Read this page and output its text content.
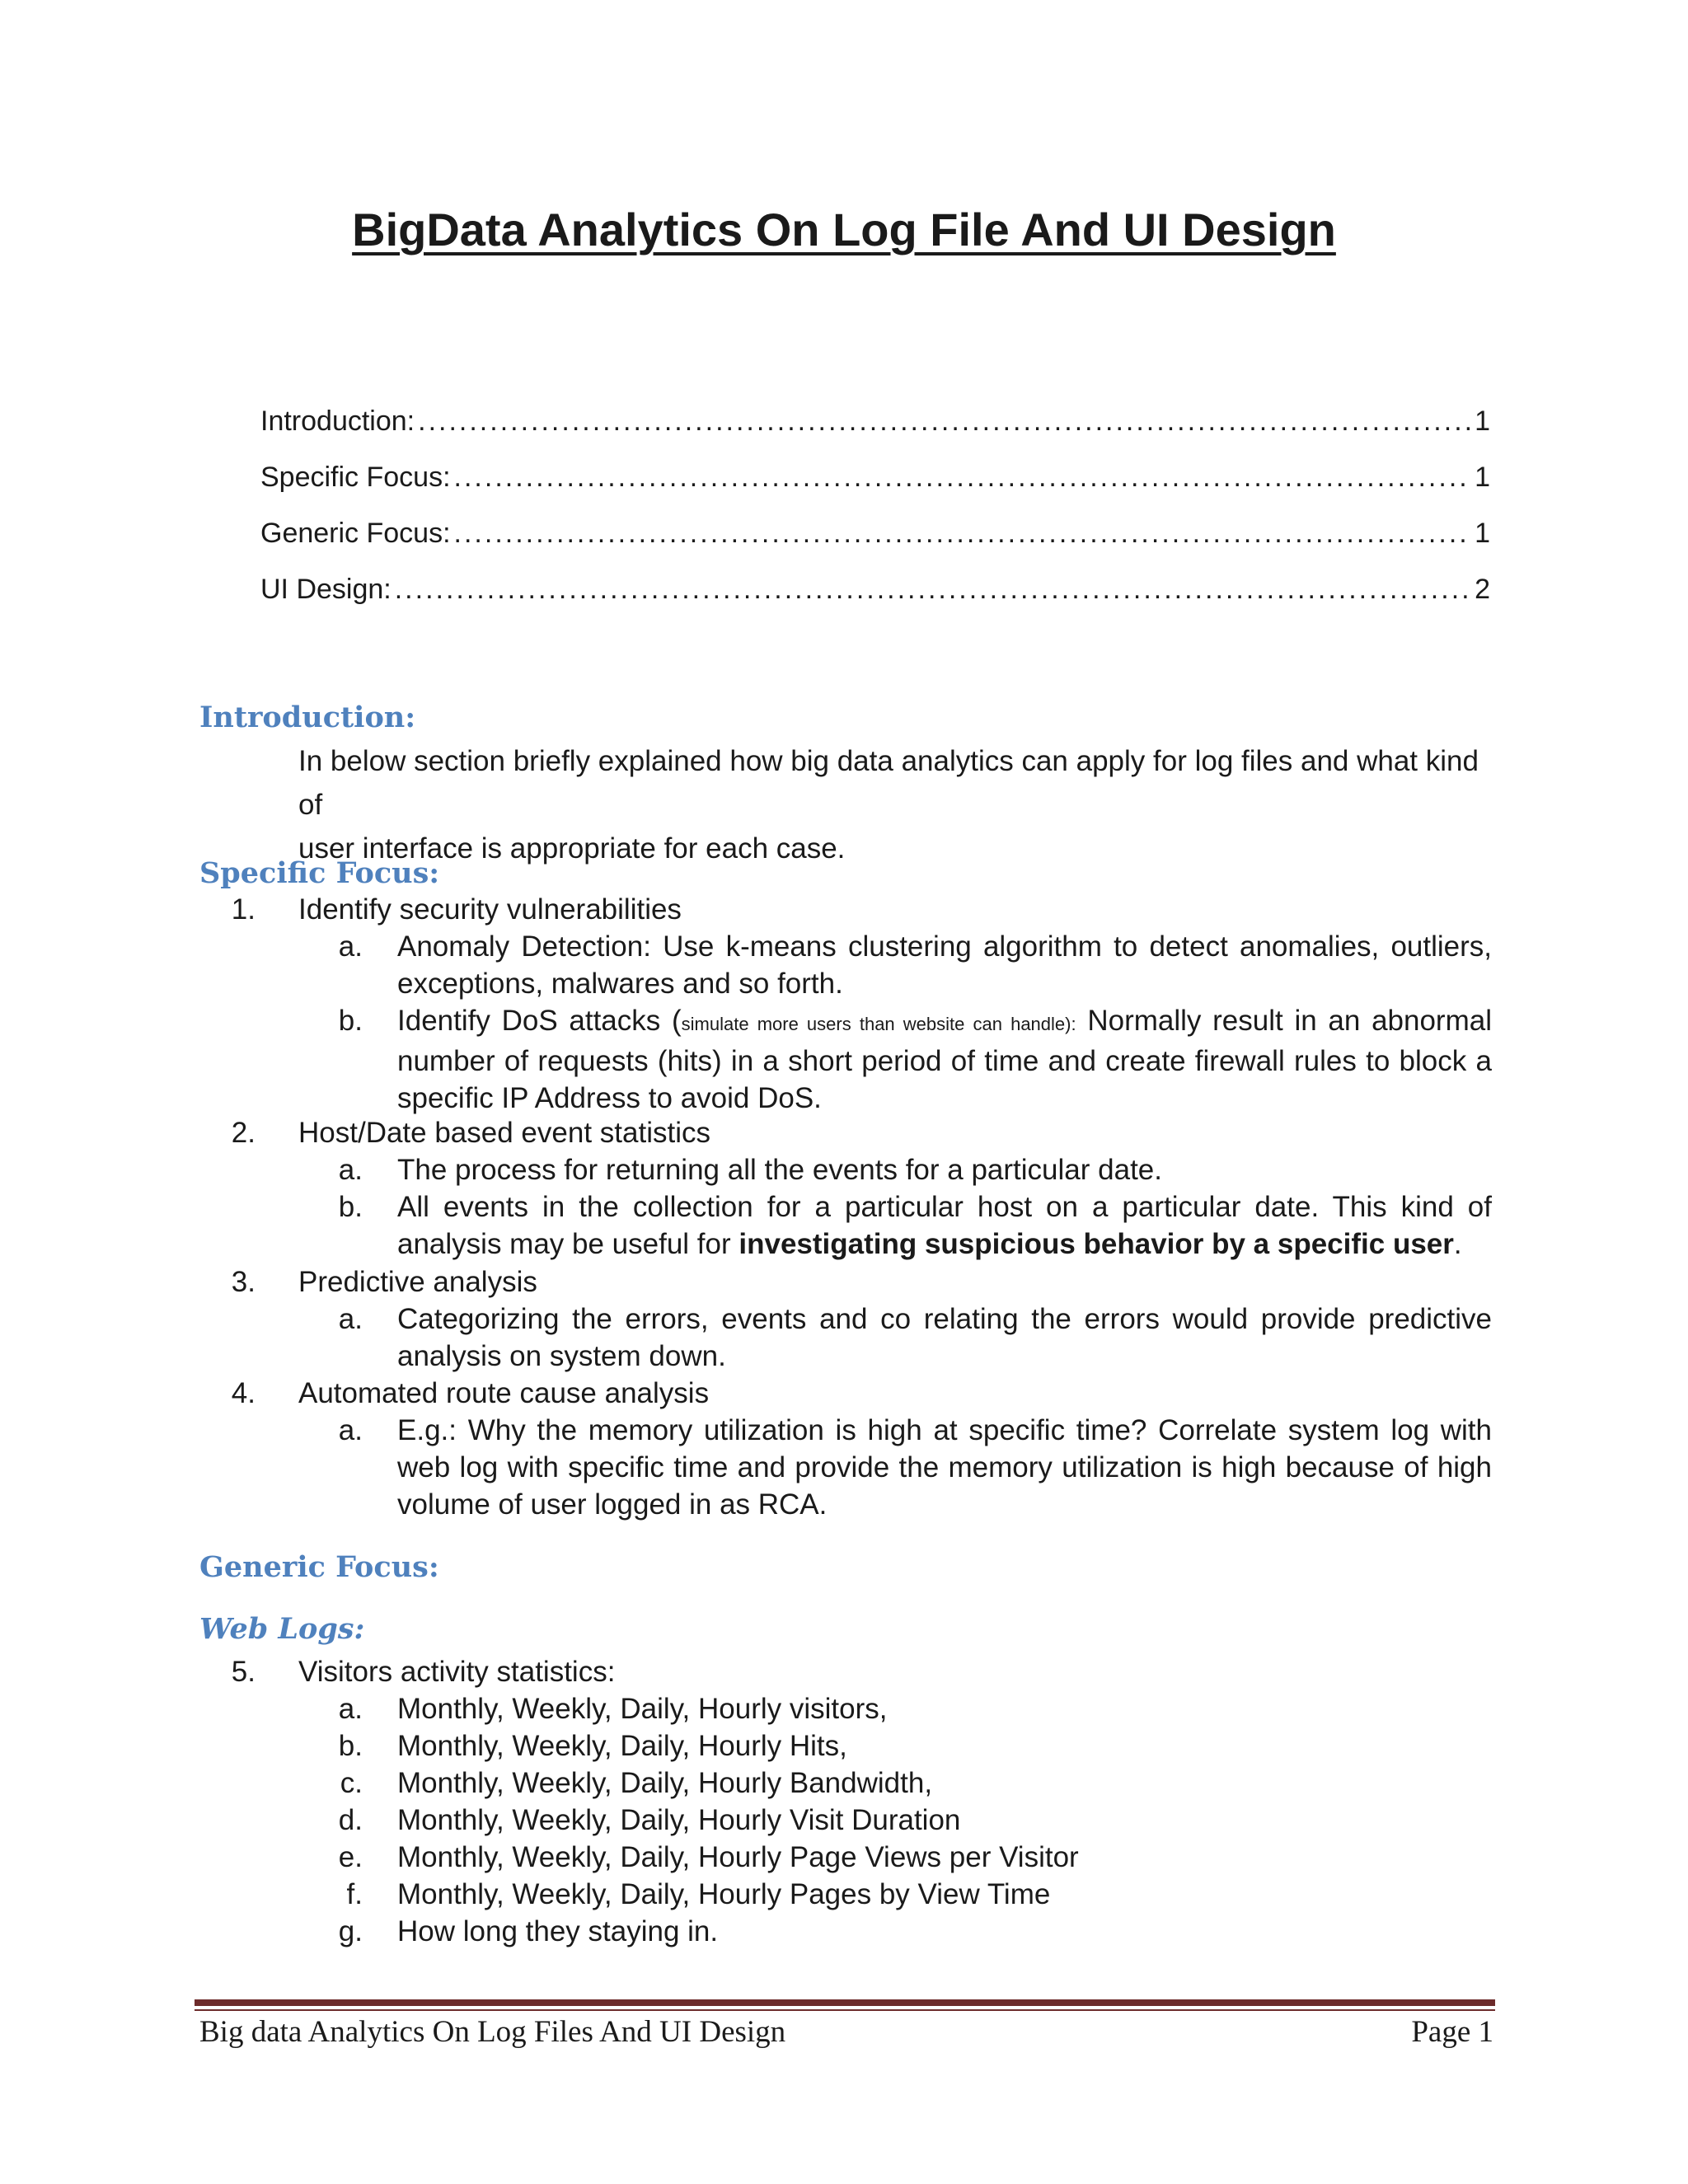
BigData Analytics On Log File And UI Design
Introduction: .....	1
Specific Focus: .....	1
Generic Focus: .....	1
UI Design: .....	2
Introduction:
In below section briefly explained how big data analytics can apply for log files and what kind of
user interface is appropriate for each case.
Specific Focus:
1. Identify security vulnerabilities
a. Anomaly Detection: Use k-means clustering algorithm to detect anomalies, outliers, exceptions, malwares and so forth.
b. Identify DoS attacks (simulate more users than website can handle): Normally result in an abnormal number of requests (hits) in a short period of time and create firewall rules to block a specific IP Address to avoid DoS.
2. Host/Date based event statistics
a. The process for returning all the events for a particular date.
b. All events in the collection for a particular host on a particular date. This kind of analysis may be useful for investigating suspicious behavior by a specific user.
3. Predictive analysis
a. Categorizing the errors, events and co relating the errors would provide predictive analysis on system down.
4. Automated route cause analysis
a. E.g.: Why the memory utilization is high at specific time? Correlate system log with web log with specific time and provide the memory utilization is high because of high volume of user logged in as RCA.
Generic Focus:
Web Logs:
5. Visitors activity statistics:
a. Monthly, Weekly, Daily, Hourly visitors,
b. Monthly, Weekly, Daily, Hourly Hits,
c. Monthly, Weekly, Daily, Hourly Bandwidth,
d. Monthly, Weekly, Daily, Hourly Visit Duration
e. Monthly, Weekly, Daily, Hourly Page Views per Visitor
f. Monthly, Weekly, Daily, Hourly Pages by View Time
g. How long they staying in.
Big data Analytics On Log Files And UI Design	Page 1
